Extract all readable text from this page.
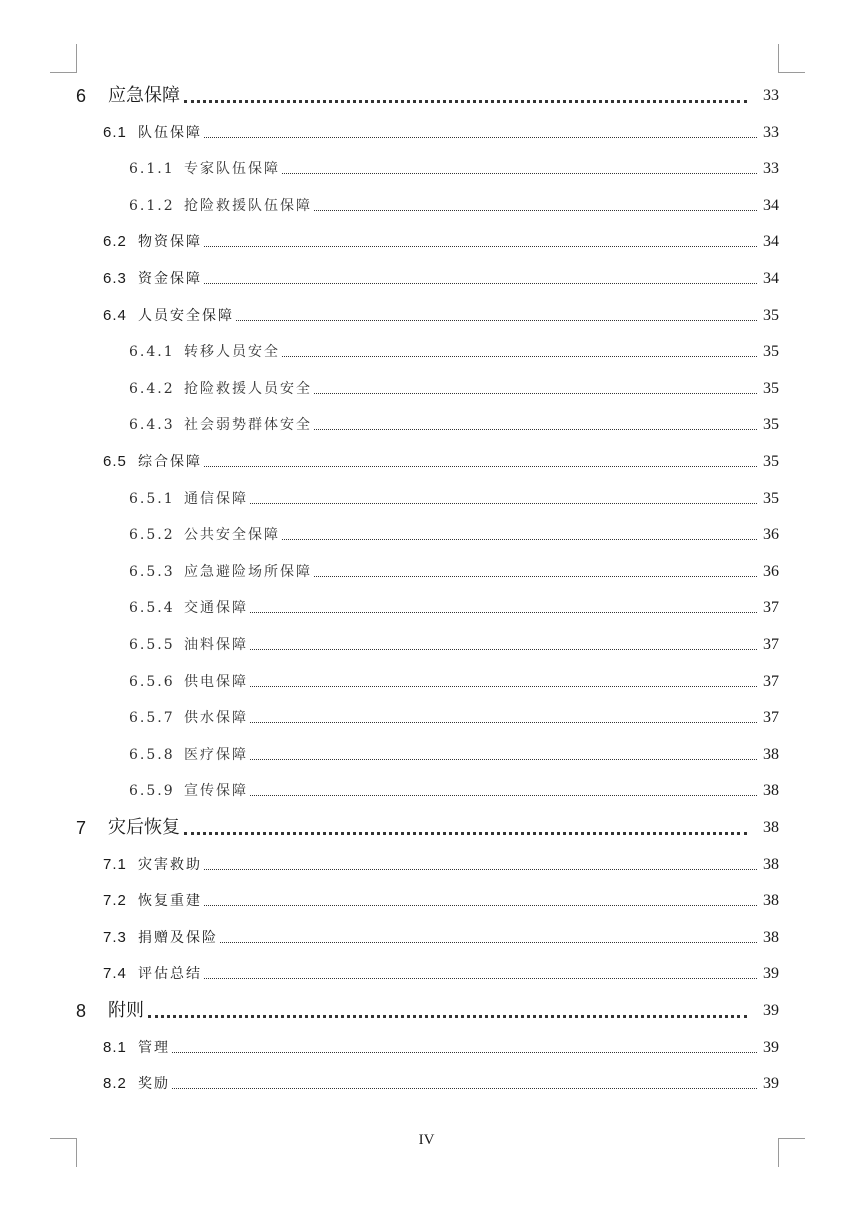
6 应急保障	33
6.1 队伍保障	33
6.1.1 专家队伍保障	33
6.1.2 抢险救援队伍保障	34
6.2 物资保障	34
6.3 资金保障	34
6.4 人员安全保障	35
6.4.1 转移人员安全	35
6.4.2 抢险救援人员安全	35
6.4.3 社会弱势群体安全	35
6.5 综合保障	35
6.5.1 通信保障	35
6.5.2 公共安全保障	36
6.5.3 应急避险场所保障	36
6.5.4 交通保障	37
6.5.5 油料保障	37
6.5.6 供电保障	37
6.5.7 供水保障	37
6.5.8 医疗保障	38
6.5.9 宣传保障	38
7 灾后恢复	38
7.1 灾害救助	38
7.2 恢复重建	38
7.3 捐赠及保险	38
7.4 评估总结	39
8 附则	39
8.1 管理	39
8.2 奖励	39
IV
